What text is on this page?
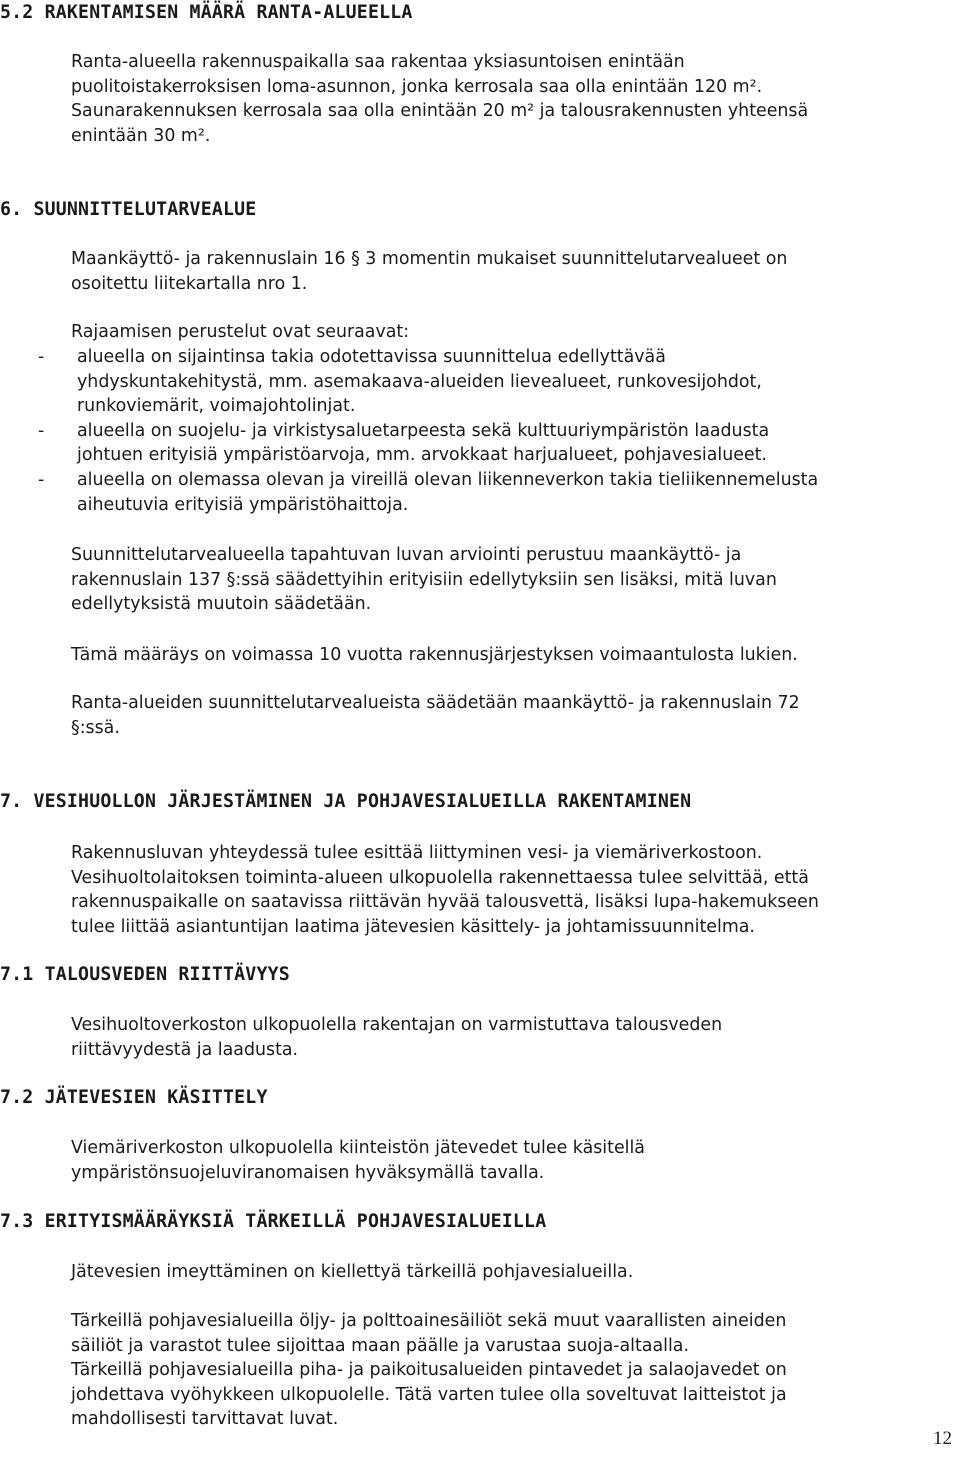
5.2 RAKENTAMISEN MÄÄRÄ RANTA-ALUEELLA
Ranta-alueella rakennuspaikalla saa rakentaa yksiasuntoisen enintään
puolitoistakerroksisen loma-asunnon, jonka kerrosala saa olla enintään 120 m².
Saunarakennuksen kerrosala saa olla enintään 20 m² ja talousrakennusten yhteensä
enintään 30 m².
6. SUUNNITTELUTARVEALUE
Maankäyttö- ja rakennuslain 16 § 3 momentin mukaiset suunnittelutarvealueet on
osoitettu liitekartalla nro 1.
Rajaamisen perustelut ovat seuraavat:
- alueella on sijaintinsa takia odotettavissa suunnittelua edellyttävää
yhdyskuntakehitystä, mm. asemakaava-alueiden lievealueet, runkovesijohdot,
runkoviemärit, voimajohtolinjat.
- alueella on suojelu- ja virkistysaluetarpeesta sekä kulttuuriympäristön laadusta
johtuen erityisiä ympäristöarvoja, mm. arvokkaat harjualueet, pohjavesialueet.
- alueella on olemassa olevan ja vireillä olevan liikenneverkon takia tieliikennemelusta
aiheutuvia erityisiä ympäristöhaittoja.
Suunnittelutarvealueella tapahtuvan luvan arviointi perustuu maankäyttö- ja
rakennuslain 137 §:ssä säädettyihin erityisiin edellytyksiin sen lisäksi, mitä luvan
edellytyksistä muutoin säädetään.
Tämä määräys on voimassa 10 vuotta rakennusjärjestyksen voimaantulosta lukien.
Ranta-alueiden suunnittelutarvealueista säädetään maankäyttö- ja rakennuslain 72
§:ssä.
7. VESIHUOLLON JÄRJESTÄMINEN JA POHJAVESIALUEILLA RAKENTAMINEN
Rakennusluvan yhteydessä tulee esittää liittyminen vesi- ja viemäriverkostoon.
Vesihuoltolaitoksen toiminta-alueen ulkopuolella rakennettaessa tulee selvittää, että
rakennuspaikalle on saatavissa riittävän hyvää talousvettä, lisäksi lupa-hakemukseen
tulee liittää asiantuntijan laatima jätevesien käsittely- ja johtamissuunnitelma.
7.1 TALOUSVEDEN RIITTÄVYYS
Vesihuoltoverkoston ulkopuolella rakentajan on varmistuttava talousveden
riittävyydestä ja laadusta.
7.2 JÄTEVESIEN KÄSITTELY
Viemäriverkoston ulkopuolella kiinteistön jätevedet tulee käsitellä
ympäristönsuojeluviranomaisen hyväksymällä tavalla.
7.3 ERITYISMÄÄRÄYKSIÄ TÄRKEILLÄ POHJAVESIALUEILLA
Jätevesien imeyttäminen on kiellettyä tärkeillä pohjavesialueilla.
Tärkeillä pohjavesialueilla öljy- ja polttoainesäiliöt sekä muut vaarallisten aineiden
säiliöt ja varastot tulee sijoittaa maan päälle ja varustaa suoja-altaalla.
Tärkeillä pohjavesialueilla piha- ja paikoitusalueiden pintavedet ja salaojavedet on
johdettava vyöhykkeen ulkopuolelle. Tätä varten tulee olla soveltuvat laitteistot ja
mahdollisesti tarvittavat luvat.
12
